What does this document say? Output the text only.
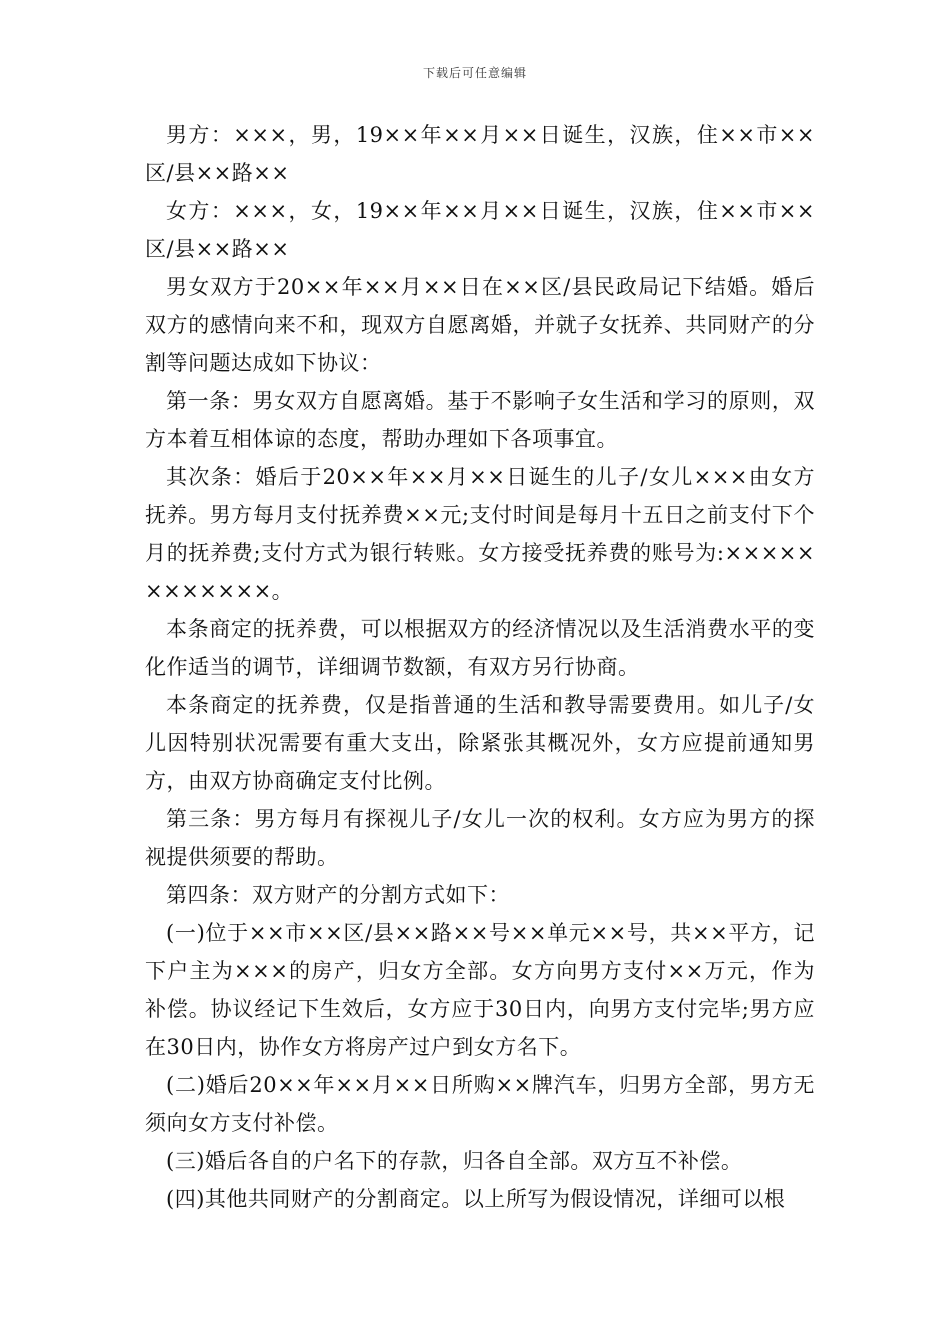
下载后可任意编辑

男方：×××，男，19××年××月××日诞生，汉族，住××市××区/县××路××

女方：×××，女，19××年××月××日诞生，汉族，住××市××区/县××路××

男女双方于20××年××月××日在××区/县民政局记下结婚。婚后双方的感情向来不和，现双方自愿离婚，并就子女抚养、共同财产的分割等问题达成如下协议：

第一条：男女双方自愿离婚。基于不影响子女生活和学习的原则，双方本着互相体谅的态度，帮助办理如下各项事宜。

其次条：婚后于20××年××月××日诞生的儿子/女儿×××由女方抚养。男方每月支付抚养费××元;支付时间是每月十五日之前支付下个月的抚养费;支付方式为银行转账。女方接受抚养费的账号为:××××××××××××。

本条商定的抚养费，可以根据双方的经济情况以及生活消费水平的变化作适当的调节，详细调节数额，有双方另行协商。

本条商定的抚养费，仅是指普通的生活和教导需要费用。如儿子/女儿因特别状况需要有重大支出，除紧张其概况外，女方应提前通知男方，由双方协商确定支付比例。

第三条：男方每月有探视儿子/女儿一次的权利。女方应为男方的探视提供须要的帮助。

第四条：双方财产的分割方式如下：

(一)位于××市××区/县××路××号××单元××号，共××平方，记下户主为×××的房产，归女方全部。女方向男方支付××万元，作为补偿。协议经记下生效后，女方应于30日内，向男方支付完毕;男方应在30日内，协作女方将房产过户到女方名下。

(二)婚后20××年××月××日所购××牌汽车，归男方全部，男方无须向女方支付补偿。

(三)婚后各自的户名下的存款，归各自全部。双方互不补偿。

(四)其他共同财产的分割商定。以上所写为假设情况，详细可以根
